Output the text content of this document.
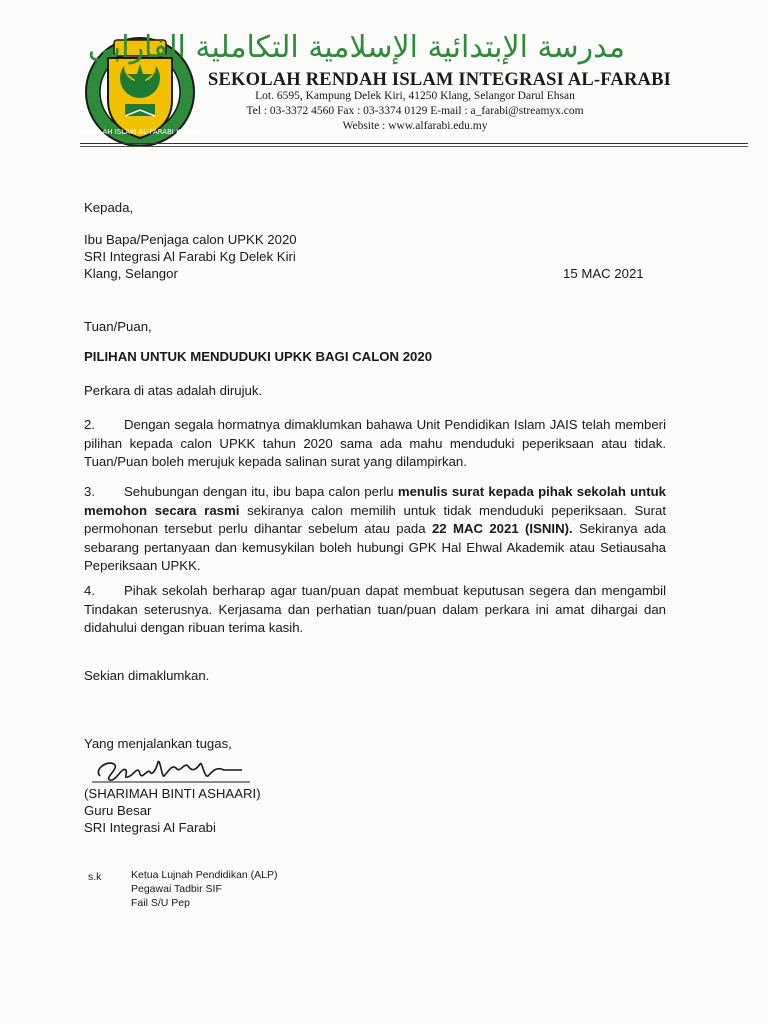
SEKOLAH ISLAM AL-FARABI KLANG
مدرسة الإبتدائية الإسلامية التكاملية الفارابي
SEKOLAH RENDAH ISLAM INTEGRASI AL-FARABI
Lot. 6595, Kampung Delek Kiri, 41250 Klang, Selangor Darul Ehsan
Tel : 03-3372 4560 Fax : 03-3374 0129 E-mail : a_farabi@streamyx.com
Website : www.alfarabi.edu.my
Kepada,
Ibu Bapa/Penjaga calon UPKK 2020
SRI Integrasi Al Farabi Kg Delek Kiri
Klang, Selangor	15 MAC 2021
Tuan/Puan,
PILIHAN UNTUK MENDUDUKI UPKK BAGI CALON 2020
Perkara di atas adalah dirujuk.
2. Dengan segala hormatnya dimaklumkan bahawa Unit Pendidikan Islam JAIS telah memberi pilihan kepada calon UPKK tahun 2020 sama ada mahu menduduki peperiksaan atau tidak. Tuan/Puan boleh merujuk kepada salinan surat yang dilampirkan.
3. Sehubungan dengan itu, ibu bapa calon perlu menulis surat kepada pihak sekolah untuk memohon secara rasmi sekiranya calon memilih untuk tidak menduduki peperiksaan. Surat permohonan tersebut perlu dihantar sebelum atau pada 22 MAC 2021 (ISNIN). Sekiranya ada sebarang pertanyaan dan kemusykilan boleh hubungi GPK Hal Ehwal Akademik atau Setiausaha Peperiksaan UPKK.
4. Pihak sekolah berharap agar tuan/puan dapat membuat keputusan segera dan mengambil Tindakan seterusnya. Kerjasama dan perhatian tuan/puan dalam perkara ini amat dihargai dan didahului dengan ribuan terima kasih.
Sekian dimaklumkan.
Yang menjalankan tugas,
(SHARIMAH BINTI ASHAARI)
Guru Besar
SRI Integrasi Al Farabi
s.k	Ketua Lujnah Pendidikan (ALP)
Pegawai Tadbir SIF
Fail S/U Pep
